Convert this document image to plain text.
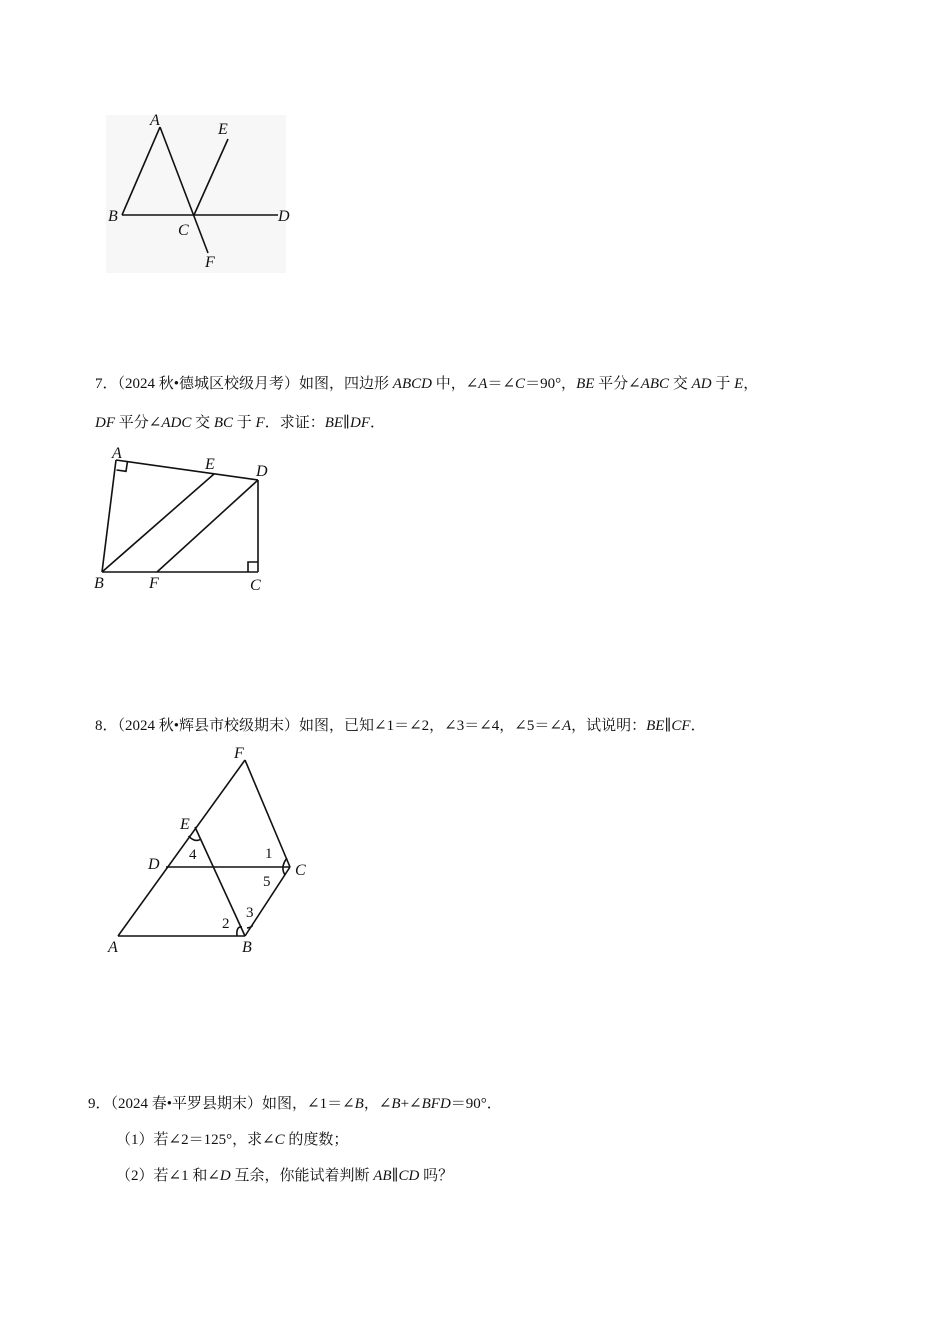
A
E
B	D
C
F
7．（2024 秋•德城区校级月考）如图，四边形 ABCD 中，∠A＝∠C＝90°，BE 平分∠ABC 交 AD 于 E，
DF 平分∠ADC 交 BC 于 F．求证：BE∥DF．
A
E	D
B	F	C
8．（2024 秋•辉县市校级期末）如图，已知∠1＝∠2，∠3＝∠4，∠5＝∠A，试说明：BE∥CF．
F
E
D	C
A	B
1
2
3
4
5
9．（2024 春•平罗县期末）如图，∠1＝∠B，∠B+∠BFD＝90°．
（1）若∠2＝125°，求∠C 的度数；
（2）若∠1 和∠D 互余，你能试着判断 AB∥CD 吗？
